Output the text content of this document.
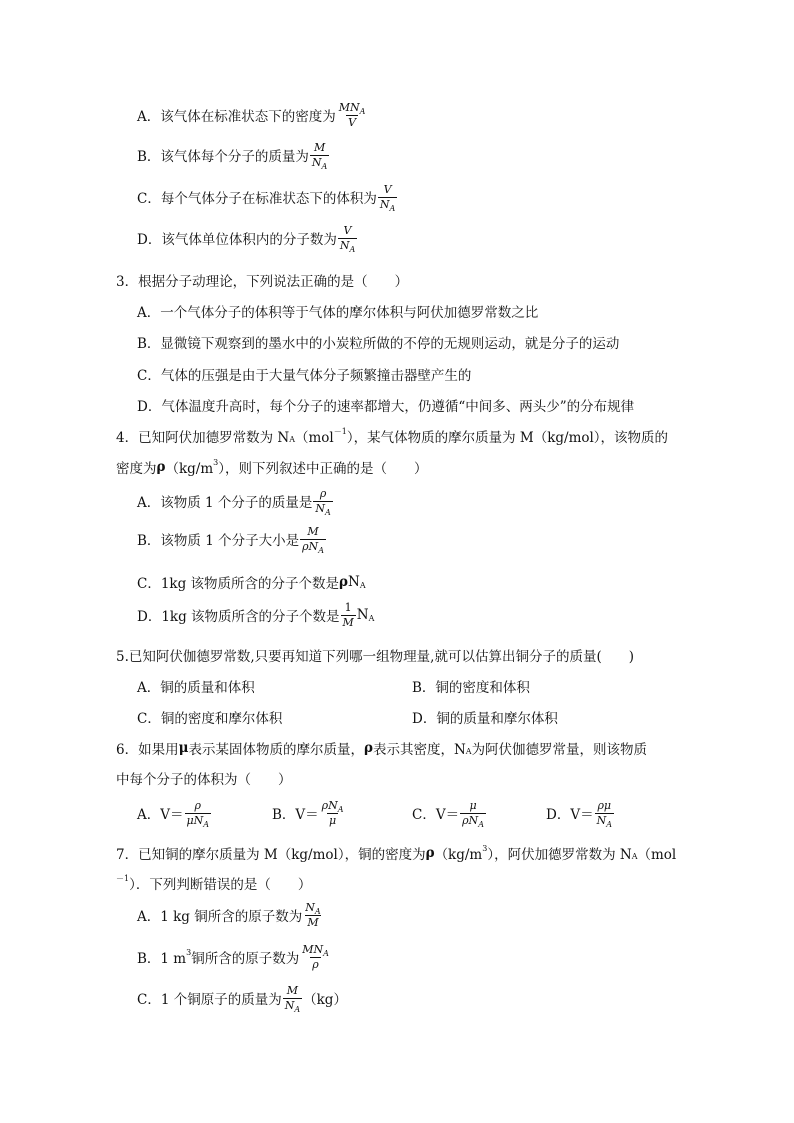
A．该气体在标准状态下的密度为 $\frac{MN_A}{V}$
B．该气体每个分子的质量为 $\frac{M}{N_A}$
C．每个气体分子在标准状态下的体积为 $\frac{V}{N_A}$
D．该气体单位体积内的分子数为 $\frac{V}{N_A}$
3．根据分子动理论，下列说法正确的是（　　）
A．一个气体分子的体积等于气体的摩尔体积与阿伏加德罗常数之比
B．显微镜下观察到的墨水中的小炭粒所做的不停的无规则运动，就是分子的运动
C．气体的压强是由于大量气体分子频繁撞击器壁产生的
D．气体温度升高时，每个分子的速率都增大，仍遵循“中间多、两头少”的分布规律
4．已知阿伏加德罗常数为 N A （mol －1 ），某气体物质的摩尔质量为 M（kg/mol），该物质的
密度为 ρ （kg/m 3 ），则下列叙述中正确的是（　　）
A．该物质 1 个分子的质量是 $\frac{\rho}{N_A}$
B．该物质 1 个分子大小是 $\frac{M}{\rho N_A}$
C．1kg 该物质所含的分子个数是 ρ N A
D．1kg 该物质所含的分子个数是 $\frac{1}{M}$ N A
5.已知阿伏伽德罗常数,只要再知道下列哪一组物理量,就可以估算出铜分子的质量(　　)
A．铜的质量和体积	B．铜的密度和体积
C．铜的密度和摩尔体积	D．铜的质量和摩尔体积
6．如果用 μ 表示某固体物质的摩尔质量， ρ 表示其密度，N A 为阿伏伽德罗常量，则该物质
中每个分子的体积为（　　）
A．$V= \frac{\rho}{\mu N_A}$	B．$V= \frac{\rho N_A}{\mu}$	C．$V= \frac{\mu}{\rho N_A}$	D．$V= \frac{\rho\mu}{N_A}$
7．已知铜的摩尔质量为 M（kg/mol），铜的密度为 ρ （kg/m 3 ），阿伏加德罗常数为 N A （mol
－1 ）．下列判断错误的是（　　）
A．1 kg 铜所含的原子数为 $\frac{N_A}{M}$
B．1 m 3 铜所含的原子数为 $\frac{MN_A}{\rho}$
C．1 个铜原子的质量为 $\frac{M}{N_A} (kg)$
